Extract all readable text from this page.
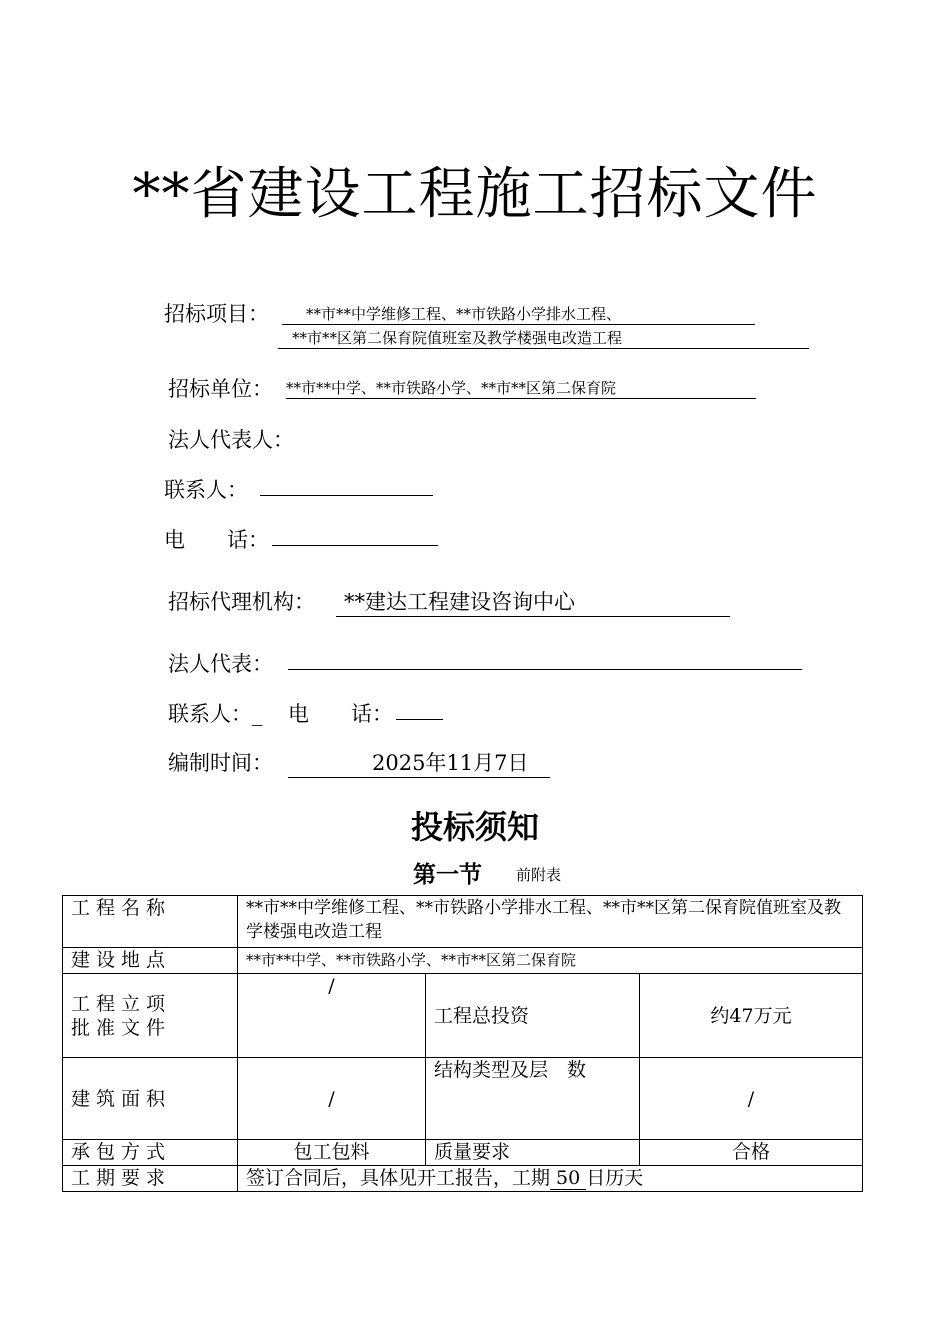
**省建设工程施工招标文件
招标项目：	**市**中学维修工程、**市铁路小学排水工程、
**市**区第二保育院值班室及教学楼强电改造工程
招标单位： **市**中学、**市铁路小学、**市**区第二保育院
法人代表人：
联系人：
电　　话：
招标代理机构：	**建达工程建设咨询中心
法人代表：
联系人：_ 电　　话：
编制时间：	2025年11月7日
投标须知
第一节 前附表
工程名称	**市**中学维修工程、**市铁路小学排水工程、**市**区第二保育院值班室及教学楼强电改造工程		
建设地点	**市**中学、**市铁路小学、**市**区第二保育院		

工程立项
批准文件	/	工程总投资	约47万元
建筑面积	/	结构类型及层　数	/
承包方式	包工包料	质量要求	合格
工期要求	签订合同后，具体见开工报告，工期 50 日历天		
